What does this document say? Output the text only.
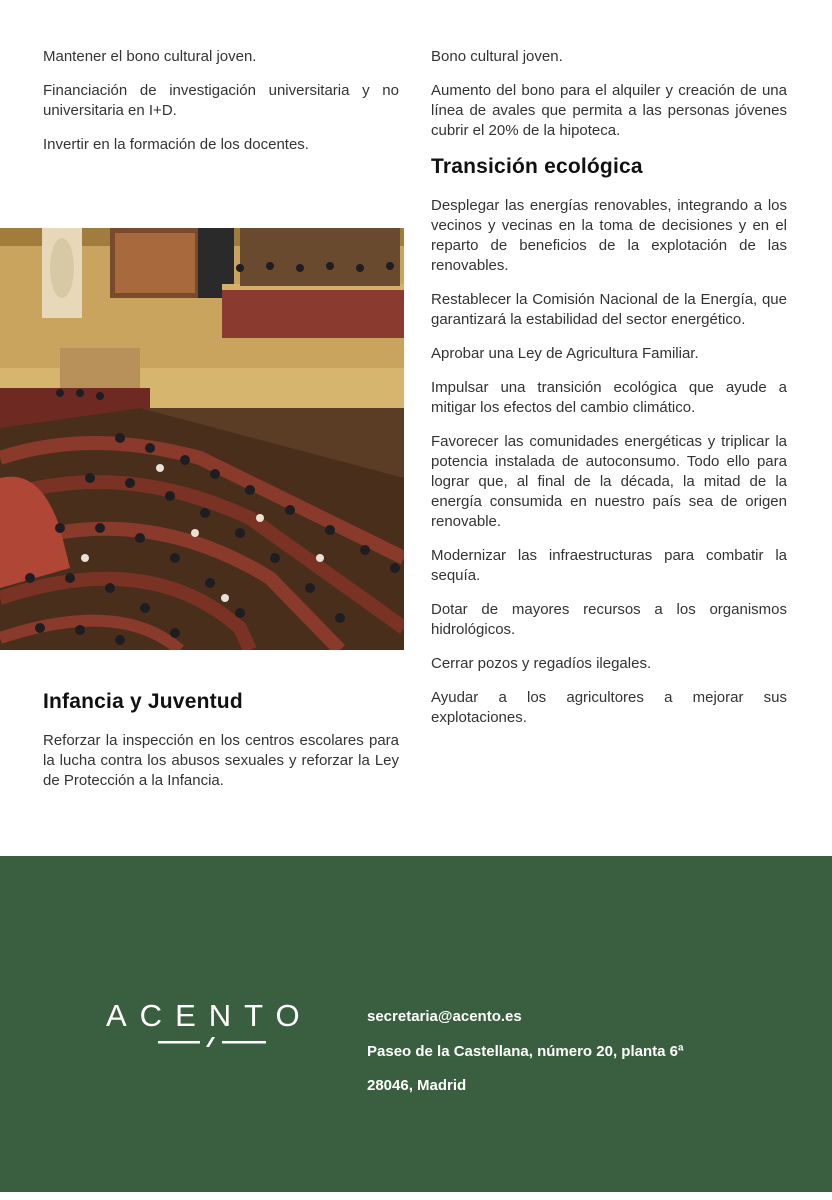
Mantener el bono cultural joven.

Financiación de investigación universitaria y no universitaria en I+D.

Invertir en la formación de los docentes.

Infancia y Juventud

Reforzar la inspección en los centros escolares para la lucha contra los abusos sexuales y reforzar la Ley de Protección a la Infancia.

Bono cultural joven.

Aumento del bono para el alquiler y creación de una línea de avales que permita a las personas jóvenes cubrir el 20% de la hipoteca.

Transición ecológica

Desplegar las energías renovables, integrando a los vecinos y vecinas en la toma de decisiones y en el reparto de beneficios de la explotación de las renovables.

Restablecer la Comisión Nacional de la Energía, que garantizará la estabilidad del sector energético.

Aprobar una Ley de Agricultura Familiar.

Impulsar una transición ecológica que ayude a mitigar los efectos del cambio climático.

Favorecer las comunidades energéticas y triplicar la potencia instalada de autoconsumo. Todo ello para lograr que, al final de la década, la mitad de la energía consumida en nuestro país sea de origen renovable.

Modernizar las infraestructuras para combatir la sequía.

Dotar de mayores recursos a los organismos hidrológicos.

Cerrar pozos y regadíos ilegales.

Ayudar a los agricultores a mejorar sus explotaciones.

ACENTO	secretaria@acento.es
Paseo de la Castellana, número 20, planta 6ª
28046, Madrid
